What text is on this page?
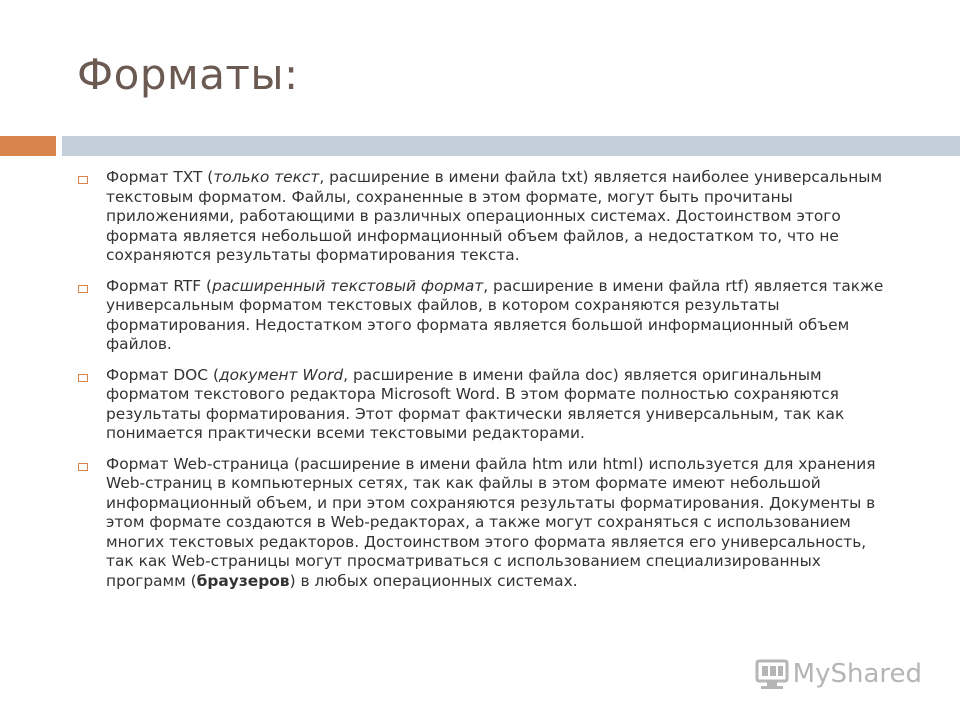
Форматы:
Формат TXT (только текст, расширение в имени файла txt) является наиболее универсальным текстовым форматом. Файлы, сохраненные в этом формате, могут быть прочитаны приложениями, работающими в различных операционных системах. Достоинством этого формата является небольшой информационный объем файлов, а недостатком то, что не сохраняются результаты форматирования текста.
Формат RTF (расширенный текстовый формат, расширение в имени файла rtf) является также универсальным форматом текстовых файлов, в котором сохраняются результаты форматирования. Недостатком этого формата является большой информационный объем файлов.
Формат DOC (документ Word, расширение в имени файла doc) является оригинальным форматом текстового редактора Microsoft Word. В этом формате полностью сохраняются результаты форматирования. Этот формат фактически является универсальным, так как понимается практически всеми текстовыми редакторами.
Формат Web-страница (расширение в имени файла htm или html) используется для хранения Web-страниц в компьютерных сетях, так как файлы в этом формате имеют небольшой информационный объем, и при этом сохраняются результаты форматирования. Документы в этом формате создаются в Web-редакторах, а также могут сохраняться с использованием многих текстовых редакторов. Достоинством этого формата является его универсальность, так как Web-страницы могут просматриваться с использованием специализированных программ (браузеров) в любых операционных системах.
MyShared
